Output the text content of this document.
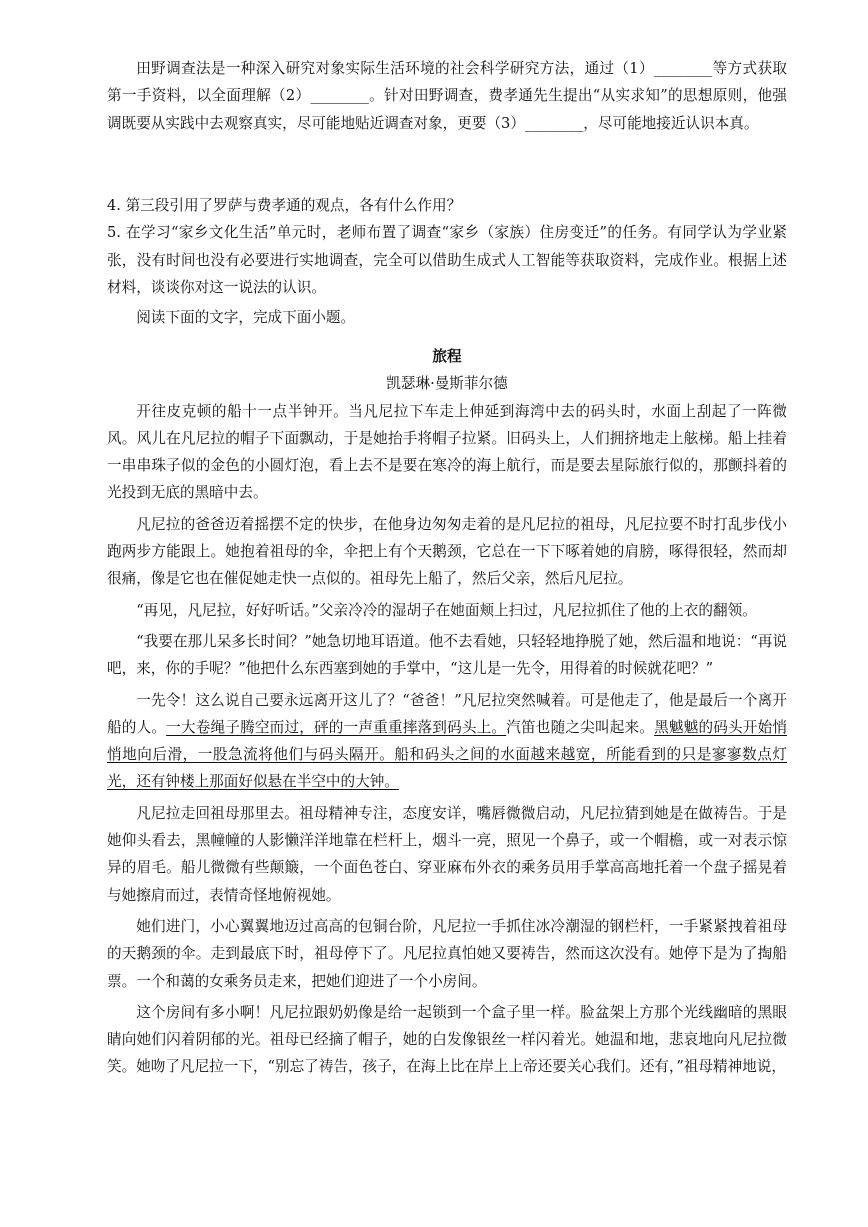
田野调查法是一种深入研究对象实际生活环境的社会科学研究方法，通过（1）________等方式获取第一手资料，以全面理解（2）________。针对田野调查，费孝通先生提出“从实求知”的思想原则，他强调既要从实践中去观察真实，尽可能地贴近调查对象，更要（3）________，尽可能地接近认识本真。

4. 第三段引用了罗萨与费孝通的观点，各有什么作用？

5. 在学习“家乡文化生活”单元时，老师布置了调查“家乡（家族）住房变迁”的任务。有同学认为学业紧张，没有时间也没有必要进行实地调查，完全可以借助生成式人工智能等获取资料，完成作业。根据上述材料，谈谈你对这一说法的认识。

阅读下面的文字，完成下面小题。

旅程

凯瑟琳·曼斯菲尔德

开往皮克顿的船十一点半钟开。当凡尼拉下车走上伸延到海湾中去的码头时，水面上刮起了一阵微风。风儿在凡尼拉的帽子下面飘动，于是她抬手将帽子拉紧。旧码头上，人们拥挤地走上舷梯。船上挂着一串串珠子似的金色的小圆灯泡，看上去不是要在寒冷的海上航行，而是要去星际旅行似的，那颤抖着的光投到无底的黑暗中去。

凡尼拉的爸爸迈着摇摆不定的快步，在他身边匆匆走着的是凡尼拉的祖母，凡尼拉要不时打乱步伐小跑两步方能跟上。她抱着祖母的伞，伞把上有个天鹅颈，它总在一下下啄着她的肩膀，啄得很轻，然而却很痛，像是它也在催促她走快一点似的。祖母先上船了，然后父亲，然后凡尼拉。

“再见，凡尼拉，好好听话。”父亲冷冷的湿胡子在她面颊上扫过，凡尼拉抓住了他的上衣的翻领。

“我要在那儿呆多长时间？”她急切地耳语道。他不去看她，只轻轻地挣脱了她，然后温和地说：“再说吧，来，你的手呢？”他把什么东西塞到她的手掌中，“这儿是一先令，用得着的时候就花吧？”

一先令！这么说自己要永远离开这儿了？“爸爸！”凡尼拉突然喊着。可是他走了，他是最后一个离开船的人。一大卷绳子腾空而过，砰的一声重重摔落到码头上。汽笛也随之尖叫起来。黑魆魆的码头开始悄悄地向后滑，一股急流将他们与码头隔开。船和码头之间的水面越来越宽，所能看到的只是寥寥数点灯光，还有钟楼上那面好似悬在半空中的大钟。

凡尼拉走回祖母那里去。祖母精神专注，态度安详，嘴唇微微启动，凡尼拉猜到她是在做祷告。于是她仰头看去，黑幢幢的人影懒洋洋地靠在栏杆上，烟斗一亮，照见一个鼻子，或一个帽檐，或一对表示惊异的眉毛。船儿微微有些颠簸，一个面色苍白、穿亚麻布外衣的乘务员用手掌高高地托着一个盘子摇晃着与她擦肩而过，表情奇怪地俯视她。

她们进门，小心翼翼地迈过高高的包铜台阶，凡尼拉一手抓住冰冷潮湿的钢栏杆，一手紧紧拽着祖母的天鹅颈的伞。走到最底下时，祖母停下了。凡尼拉真怕她又要祷告，然而这次没有。她停下是为了掏船票。一个和蔼的女乘务员走来，把她们迎进了一个小房间。

这个房间有多小啊！凡尼拉跟奶奶像是给一起锁到一个盒子里一样。脸盆架上方那个光线幽暗的黑眼睛向她们闪着阴郁的光。祖母已经摘了帽子，她的白发像银丝一样闪着光。她温和地，悲哀地向凡尼拉微笑。她吻了凡尼拉一下，“别忘了祷告，孩子，在海上比在岸上上帝还要关心我们。还有，”祖母精神地说，
